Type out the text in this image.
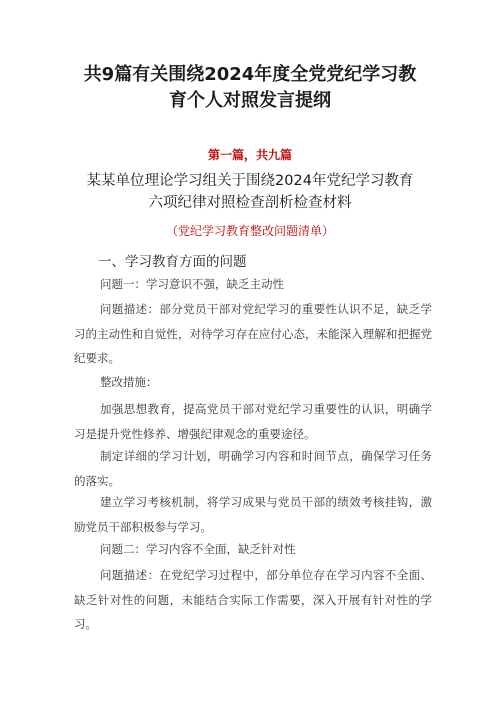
共9篇有关围绕2024年度全党党纪学习教
育个人对照发言提纲
第一篇，共九篇
某某单位理论学习组关于围绕2024年党纪学习教育
六项纪律对照检查剖析检查材料
（党纪学习教育整改问题清单）
一、学习教育方面的问题
问题一：学习意识不强，缺乏主动性

问题描述：部分党员干部对党纪学习的重要性认识不足，缺乏学习的主动性和自觉性，对待学习存在应付心态，未能深入理解和把握党纪要求。

整改措施：

加强思想教育，提高党员干部对党纪学习重要性的认识，明确学习是提升党性修养、增强纪律观念的重要途径。

制定详细的学习计划，明确学习内容和时间节点，确保学习任务的落实。

建立学习考核机制，将学习成果与党员干部的绩效考核挂钩，激励党员干部积极参与学习。

问题二：学习内容不全面，缺乏针对性

问题描述：在党纪学习过程中，部分单位存在学习内容不全面、缺乏针对性的问题，未能结合实际工作需要，深入开展有针对性的学习。
